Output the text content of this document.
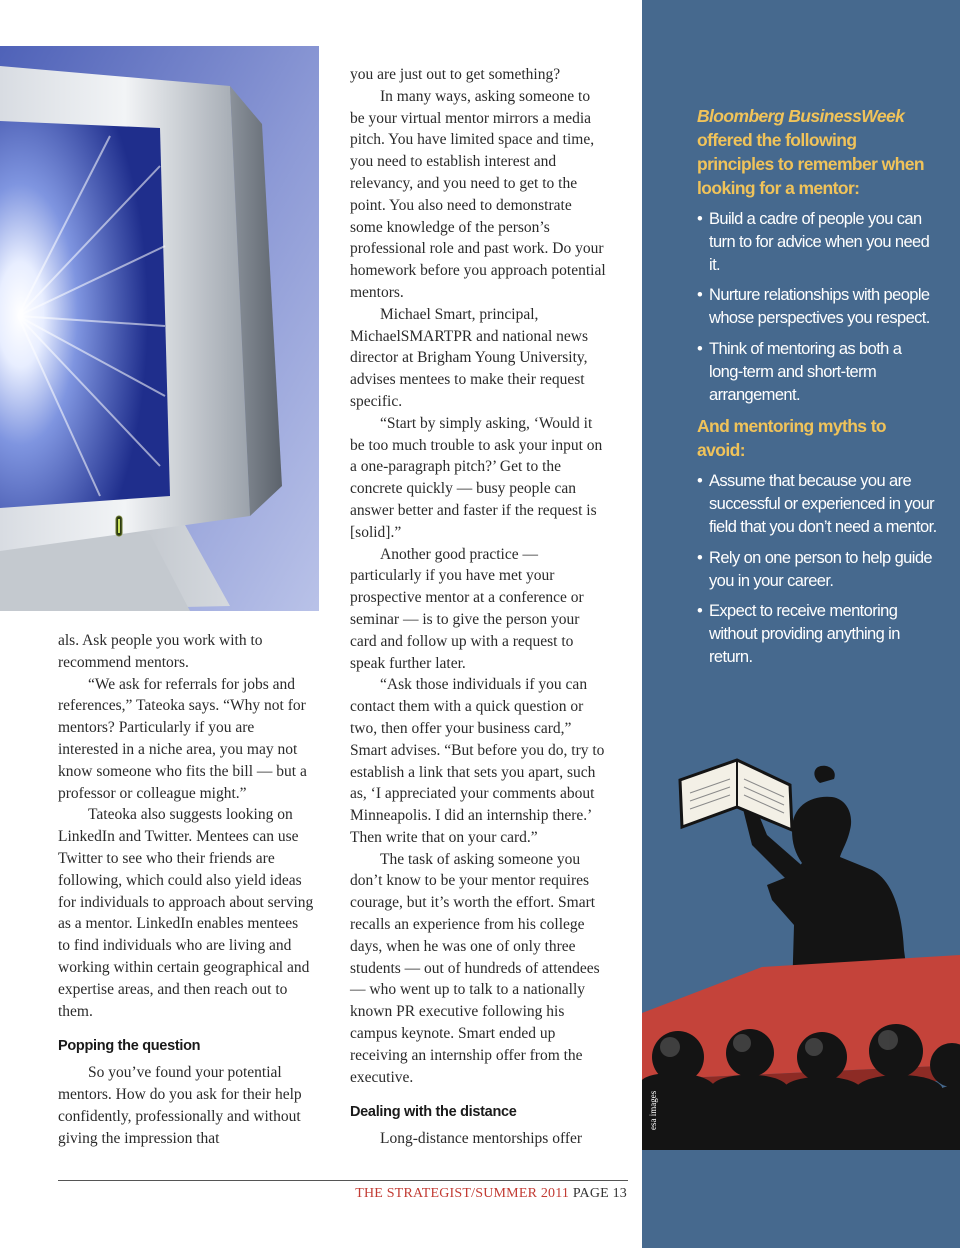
als. Ask people you work with to recommend mentors.

“We ask for referrals for jobs and references,” Tateoka says. “Why not for mentors? Particularly if you are interested in a niche area, you may not know someone who fits the bill — but a professor or colleague might.”

Tateoka also suggests looking on LinkedIn and Twitter. Mentees can use Twitter to see who their friends are following, which could also yield ideas for individuals to approach about serving as a mentor. LinkedIn enables mentees to find individuals who are living and working within certain geographical and expertise areas, and then reach out to them.

Popping the question

So you’ve found your potential mentors. How do you ask for their help confidently, professionally and without giving the impression that

you are just out to get something?

In many ways, asking someone to be your virtual mentor mirrors a media pitch. You have limited space and time, you need to establish interest and relevancy, and you need to get to the point. You also need to demonstrate some knowledge of the person’s professional role and past work. Do your homework before you approach potential mentors.

Michael Smart, principal, MichaelSMARTPR and national news director at Brigham Young University, advises mentees to make their request specific.

“Start by simply asking, ‘Would it be too much trouble to ask your input on a one-paragraph pitch?’ Get to the concrete quickly — busy people can answer better and faster if the request is [solid].”

Another good practice — particularly if you have met your prospective mentor at a conference or seminar — is to give the person your card and follow up with a request to speak further later.

“Ask those individuals if you can contact them with a quick question or two, then offer your business card,” Smart advises. “But before you do, try to establish a link that sets you apart, such as, ‘I appreciated your comments about Minneapolis. I did an internship there.’ Then write that on your card.”

The task of asking someone you don’t know to be your mentor requires courage, but it’s worth the effort. Smart recalls an experience from his college days, when he was one of only three students — out of hundreds of attendees — who went up to talk to a nationally known PR executive following his campus keynote. Smart ended up receiving an internship offer from the executive.

Dealing with the distance

Long-distance mentorships offer

Bloomberg BusinessWeek offered the following principles to remember when looking for a mentor:

• Build a cadre of people you can turn to for advice when you need it.
• Nurture relationships with people whose perspectives you respect.
• Think of mentoring as both a long-term and short-term arrangement.

And mentoring myths to avoid:

• Assume that because you are successful or experienced in your field that you don’t need a mentor.
• Rely on one person to help guide you in your career.
• Expect to receive mentoring without providing anything in return.
esa images
THE STRATEGIST/SUMMER 2011 PAGE 13
